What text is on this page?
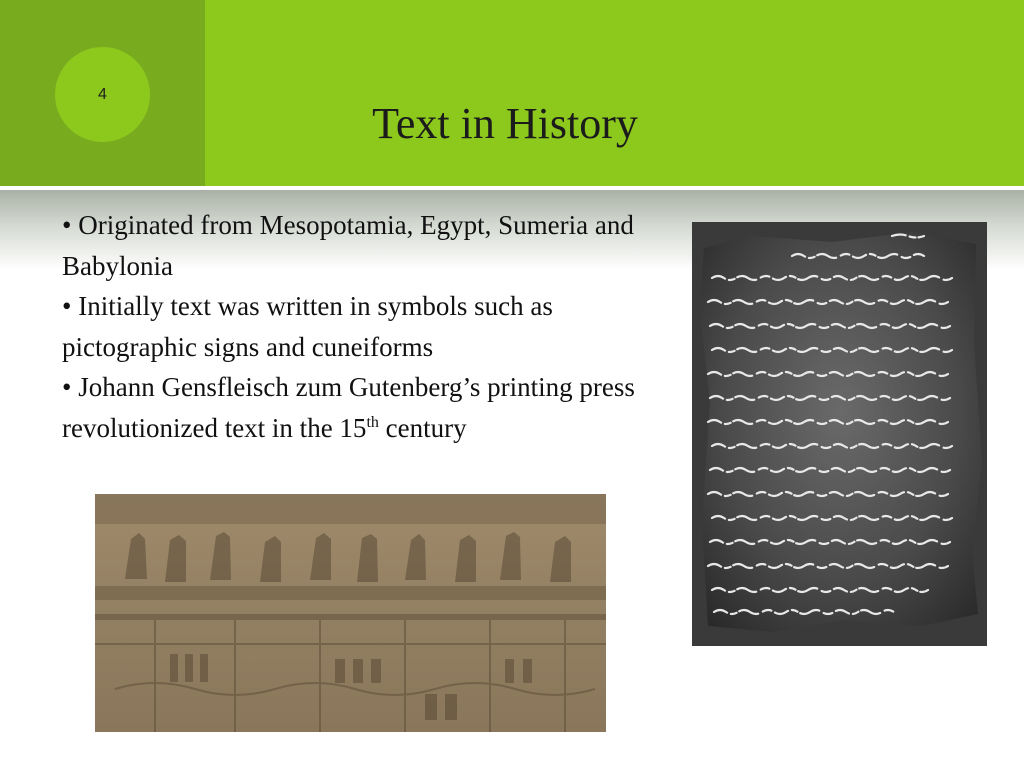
4
Text in History

• Originated from Mesopotamia, Egypt, Sumeria and Babylonia

• Initially text was written in symbols such as pictographic signs and cuneiforms

• Johann Gensfleisch zum Gutenberg’s printing press revolutionized text in the 15th century
